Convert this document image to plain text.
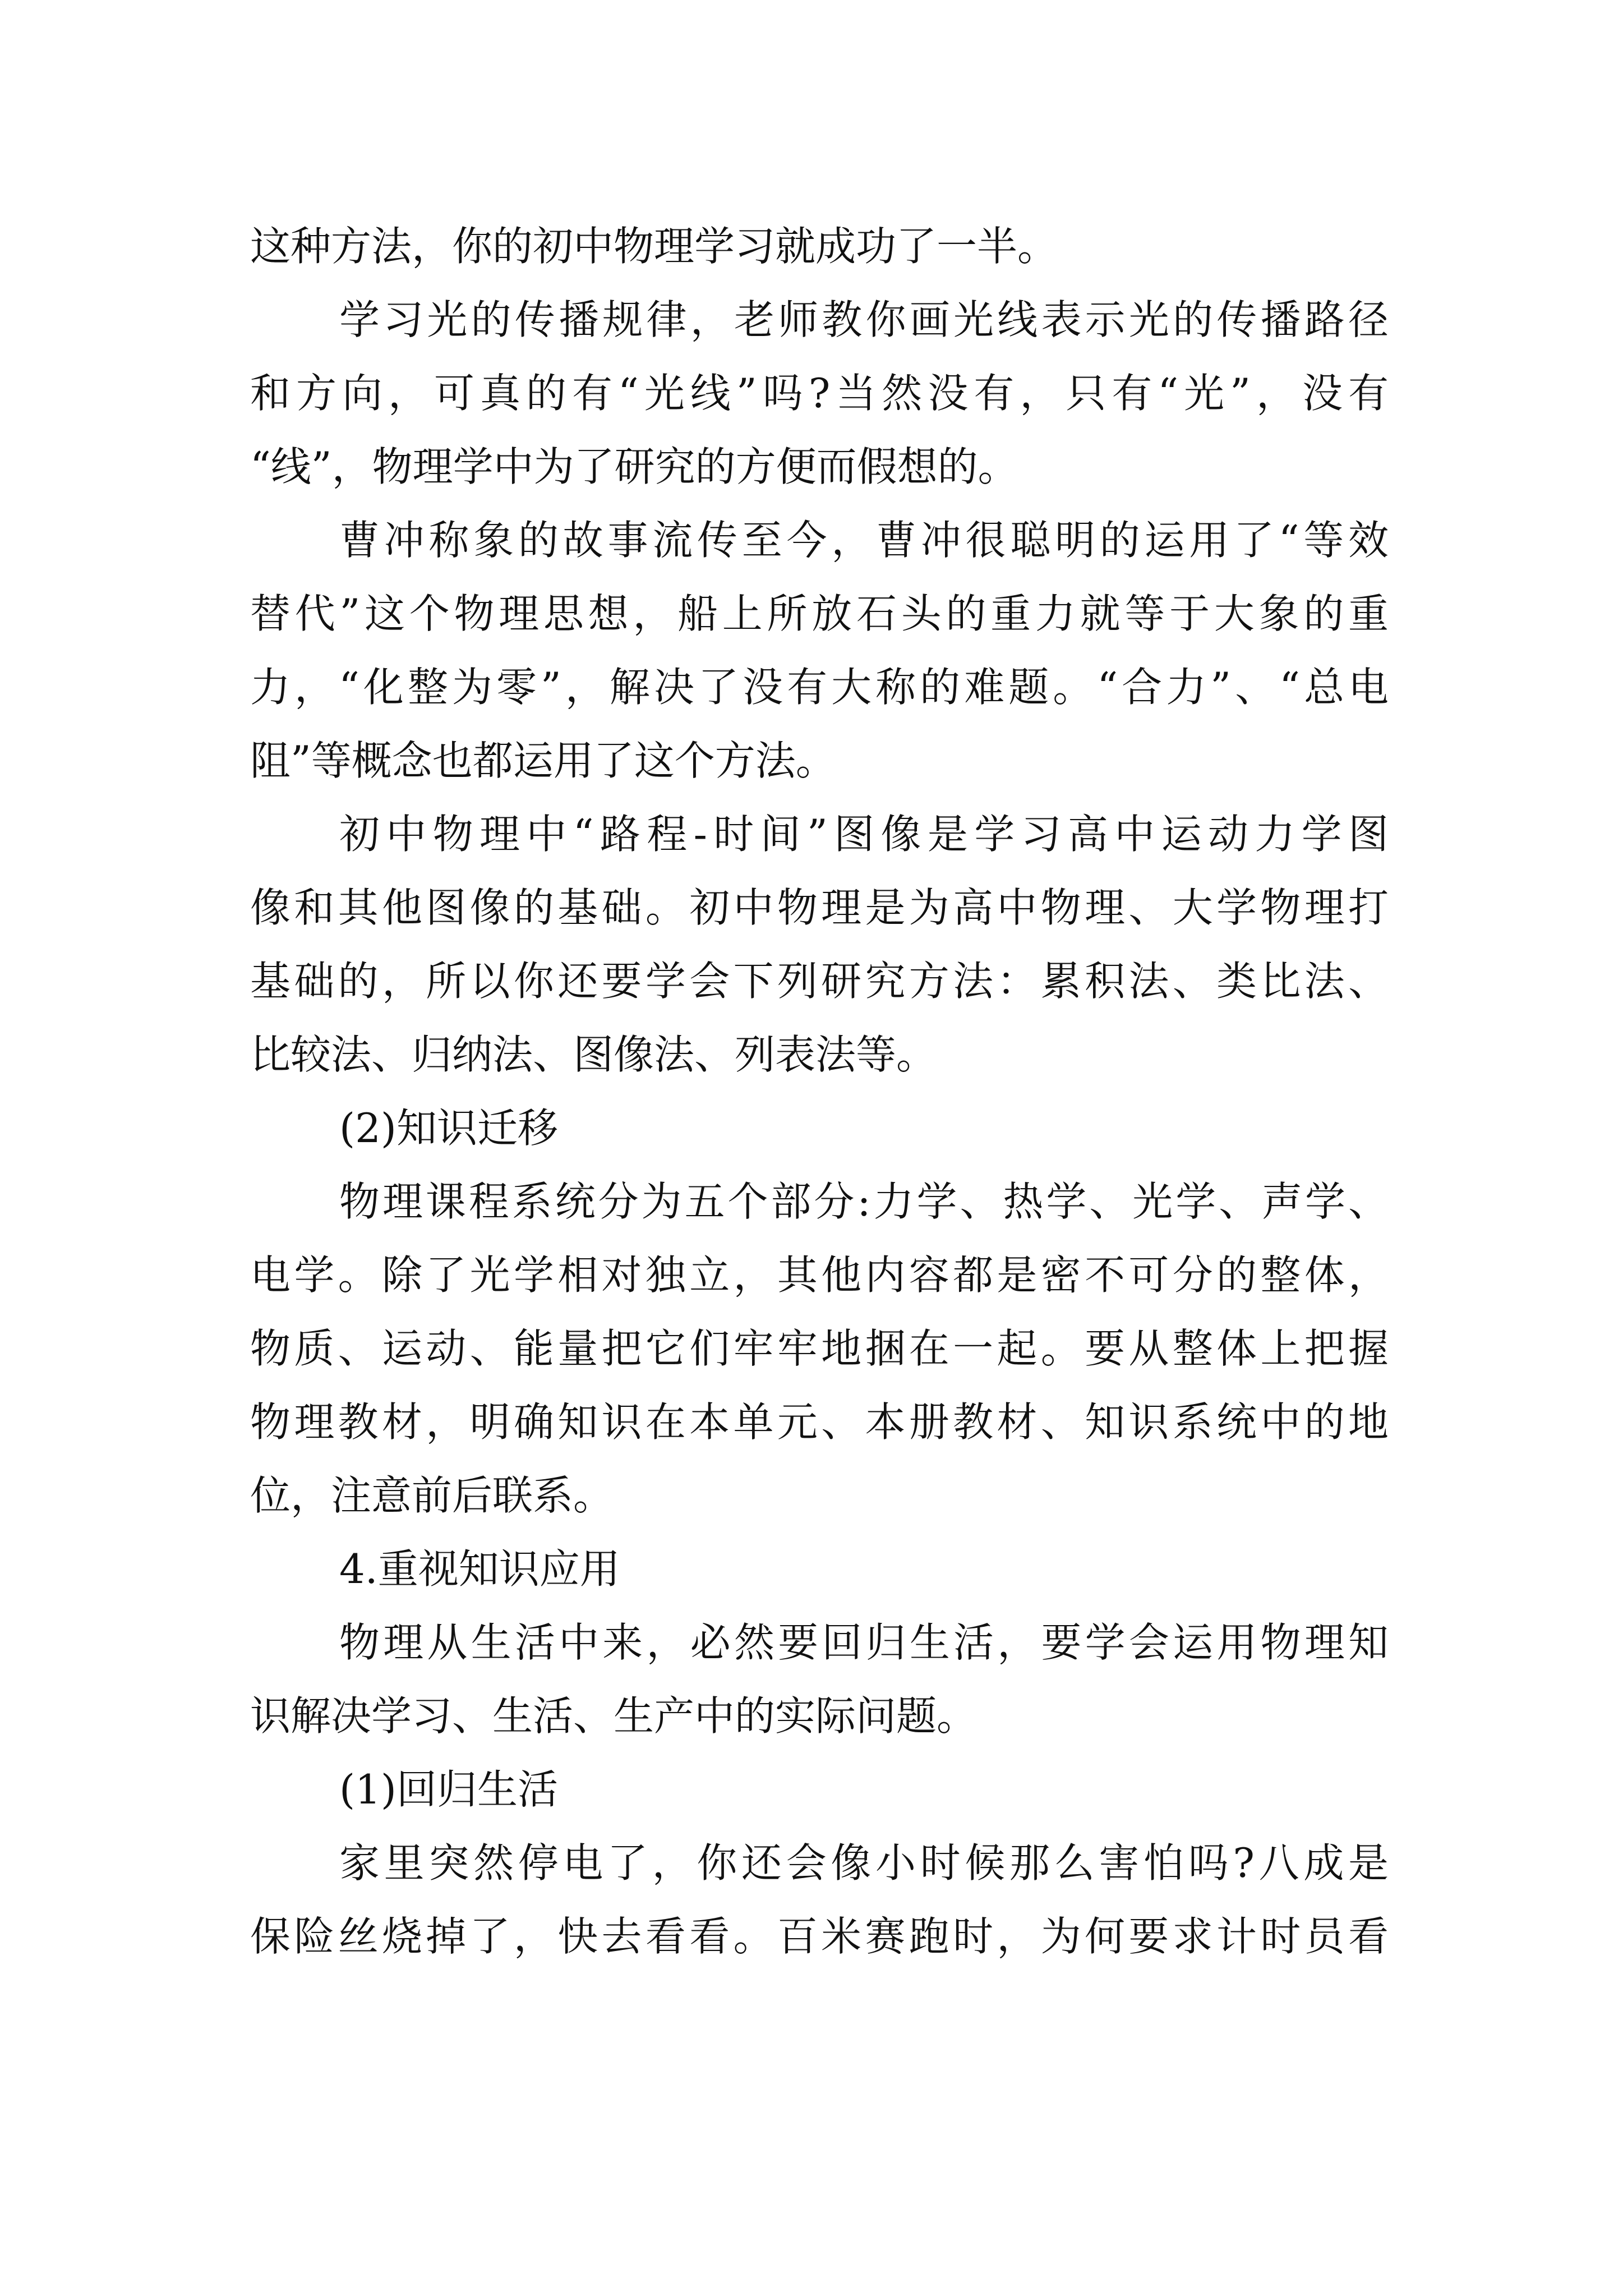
这种方法，你的初中物理学习就成功了一半。
学习光的传播规律，老师教你画光线表示光的传播路径
和方向，可真的有“光线”吗?当然没有，只有“光”，没有
“线”，物理学中为了研究的方便而假想的。
曹冲称象的故事流传至今，曹冲很聪明的运用了“等效
替代”这个物理思想，船上所放石头的重力就等于大象的重
力，“化整为零”，解决了没有大称的难题。“合力”、“总电
阻”等概念也都运用了这个方法。
初中物理中“路程-时间”图像是学习高中运动力学图
像和其他图像的基础。初中物理是为高中物理、大学物理打
基础的，所以你还要学会下列研究方法：累积法、类比法、
比较法、归纳法、图像法、列表法等。
(2)知识迁移
物理课程系统分为五个部分:力学、热学、光学、声学、
电学。除了光学相对独立，其他内容都是密不可分的整体，
物质、运动、能量把它们牢牢地捆在一起。要从整体上把握
物理教材，明确知识在本单元、本册教材、知识系统中的地
位，注意前后联系。
4.重视知识应用
物理从生活中来，必然要回归生活，要学会运用物理知
识解决学习、生活、生产中的实际问题。
(1)回归生活
家里突然停电了，你还会像小时候那么害怕吗?八成是
保险丝烧掉了，快去看看。百米赛跑时，为何要求计时员看
